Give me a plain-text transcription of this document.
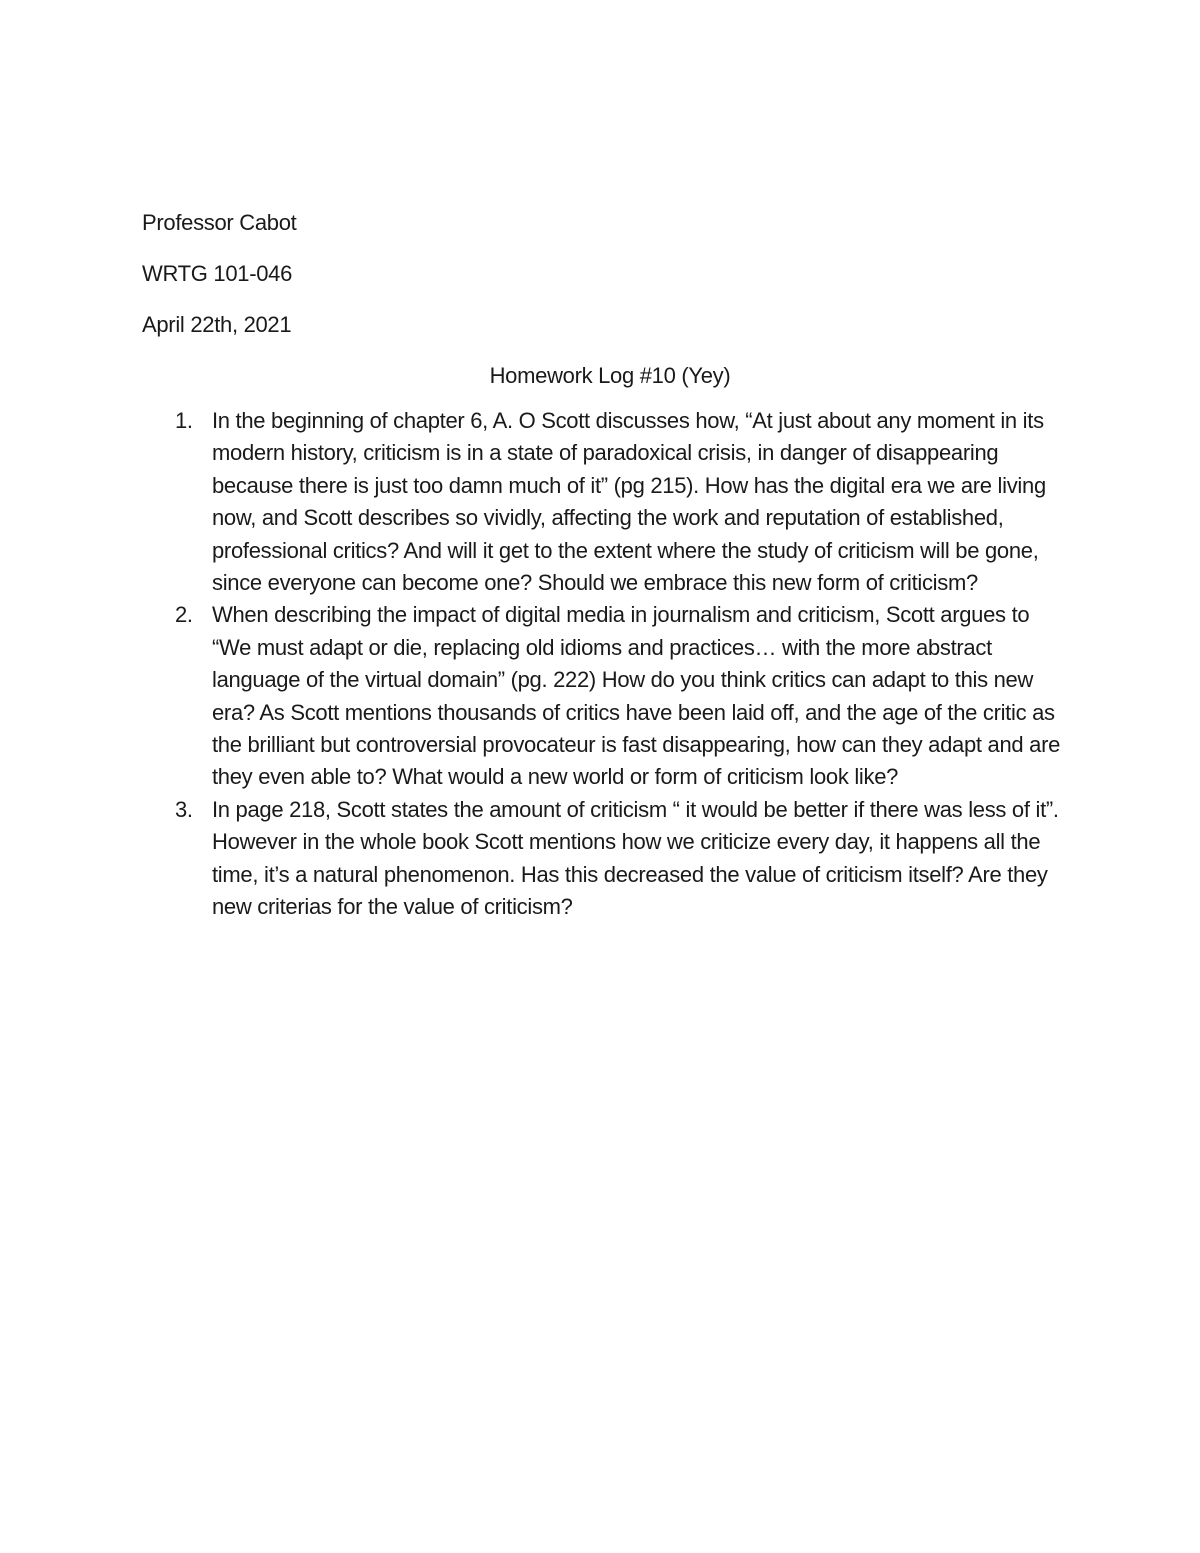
Professor Cabot

WRTG 101-046

April 22th, 2021

Homework Log #10 (Yey)

1. In the beginning of chapter 6, A. O Scott discusses how, “At just about any moment in its modern history, criticism is in a state of paradoxical crisis, in danger of disappearing because there is just too damn much of it” (pg 215). How has the digital era we are living now, and Scott describes so vividly, affecting the work and reputation of established, professional critics? And will it get to the extent where the study of criticism will be gone, since everyone can become one? Should we embrace this new form of criticism?
2. When describing the impact of digital media in journalism and criticism, Scott argues to “We must adapt or die, replacing old idioms and practices… with the more abstract language of the virtual domain” (pg. 222) How do you think critics can adapt to this new era? As Scott mentions thousands of critics have been laid off, and the age of the critic as the brilliant but controversial provocateur is fast disappearing, how can they adapt and are they even able to? What would a new world or form of criticism look like?
3. In page 218, Scott states the amount of criticism “ it would be better if there was less of it”. However in the whole book Scott mentions how we criticize every day, it happens all the time, it’s a natural phenomenon. Has this decreased the value of criticism itself? Are they new criterias for the value of criticism?
